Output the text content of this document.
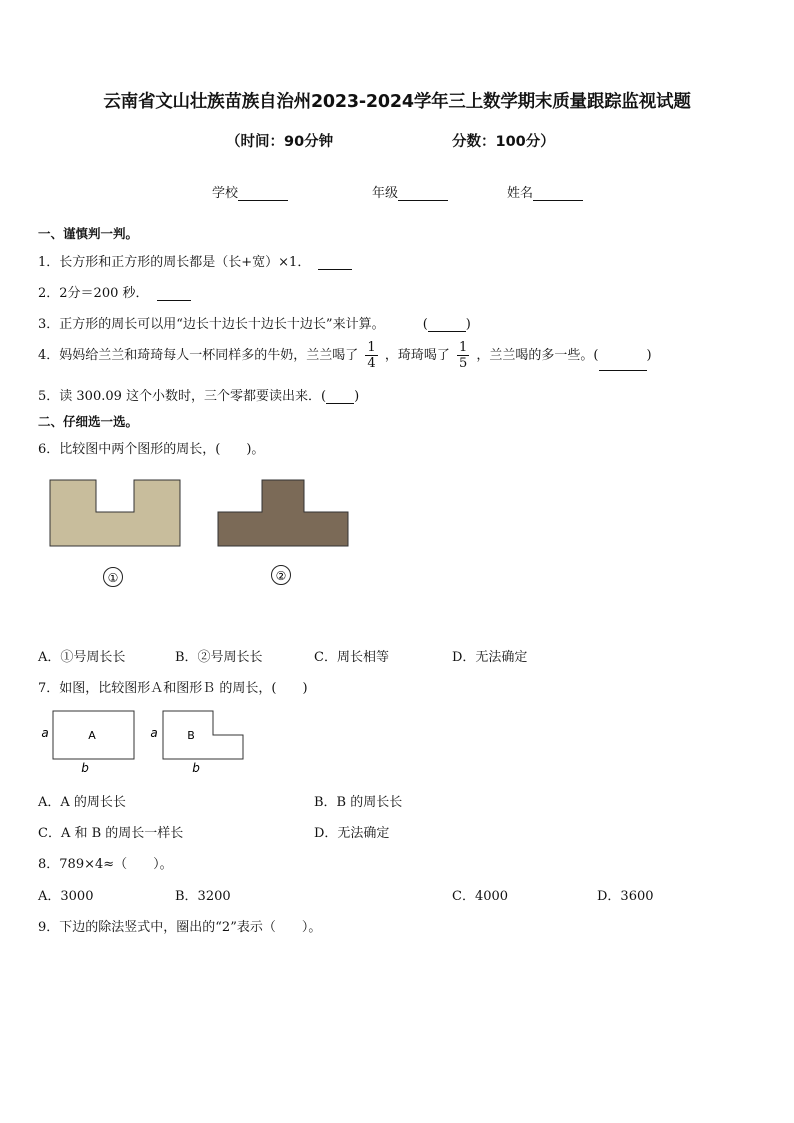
云南省文山壮族苗族自治州2023-2024学年三上数学期末质量跟踪监视试题
（时间：90分钟	分数：100分）
学校	年级	姓名
一、谨慎判一判。
1．长方形和正方形的周长都是（长+宽）×1．
2．2分＝200 秒．
3．正方形的周长可以用“边长十边长十边长十边长”来计算。	(	)
4．妈妈给兰兰和琦琦每人一杯同样多的牛奶，兰兰喝了 $\frac{1}{4}$ ，琦琦喝了 $\frac{1}{5}$ ，兰兰喝的多一些。(	)
5．读 300.09 这个小数时，三个零都要读出来．( )
二、仔细选一选。
6．比较图中两个图形的周长，(　　)。
①	②
A．①号周长长	B．②号周长长	C．周长相等	D．无法确定
7．如图，比较图形Ａ和图形Ｂ 的周长，(　　)
A
a
b
B
a
b
A．A 的周长长	B．B 的周长长
C．A 和 B 的周长一样长	D．无法确定
8．789×4≈（　　）。
A．3000	B．3200	C．4000	D．3600
9．下边的除法竖式中，圈出的“2”表示（　　）。
